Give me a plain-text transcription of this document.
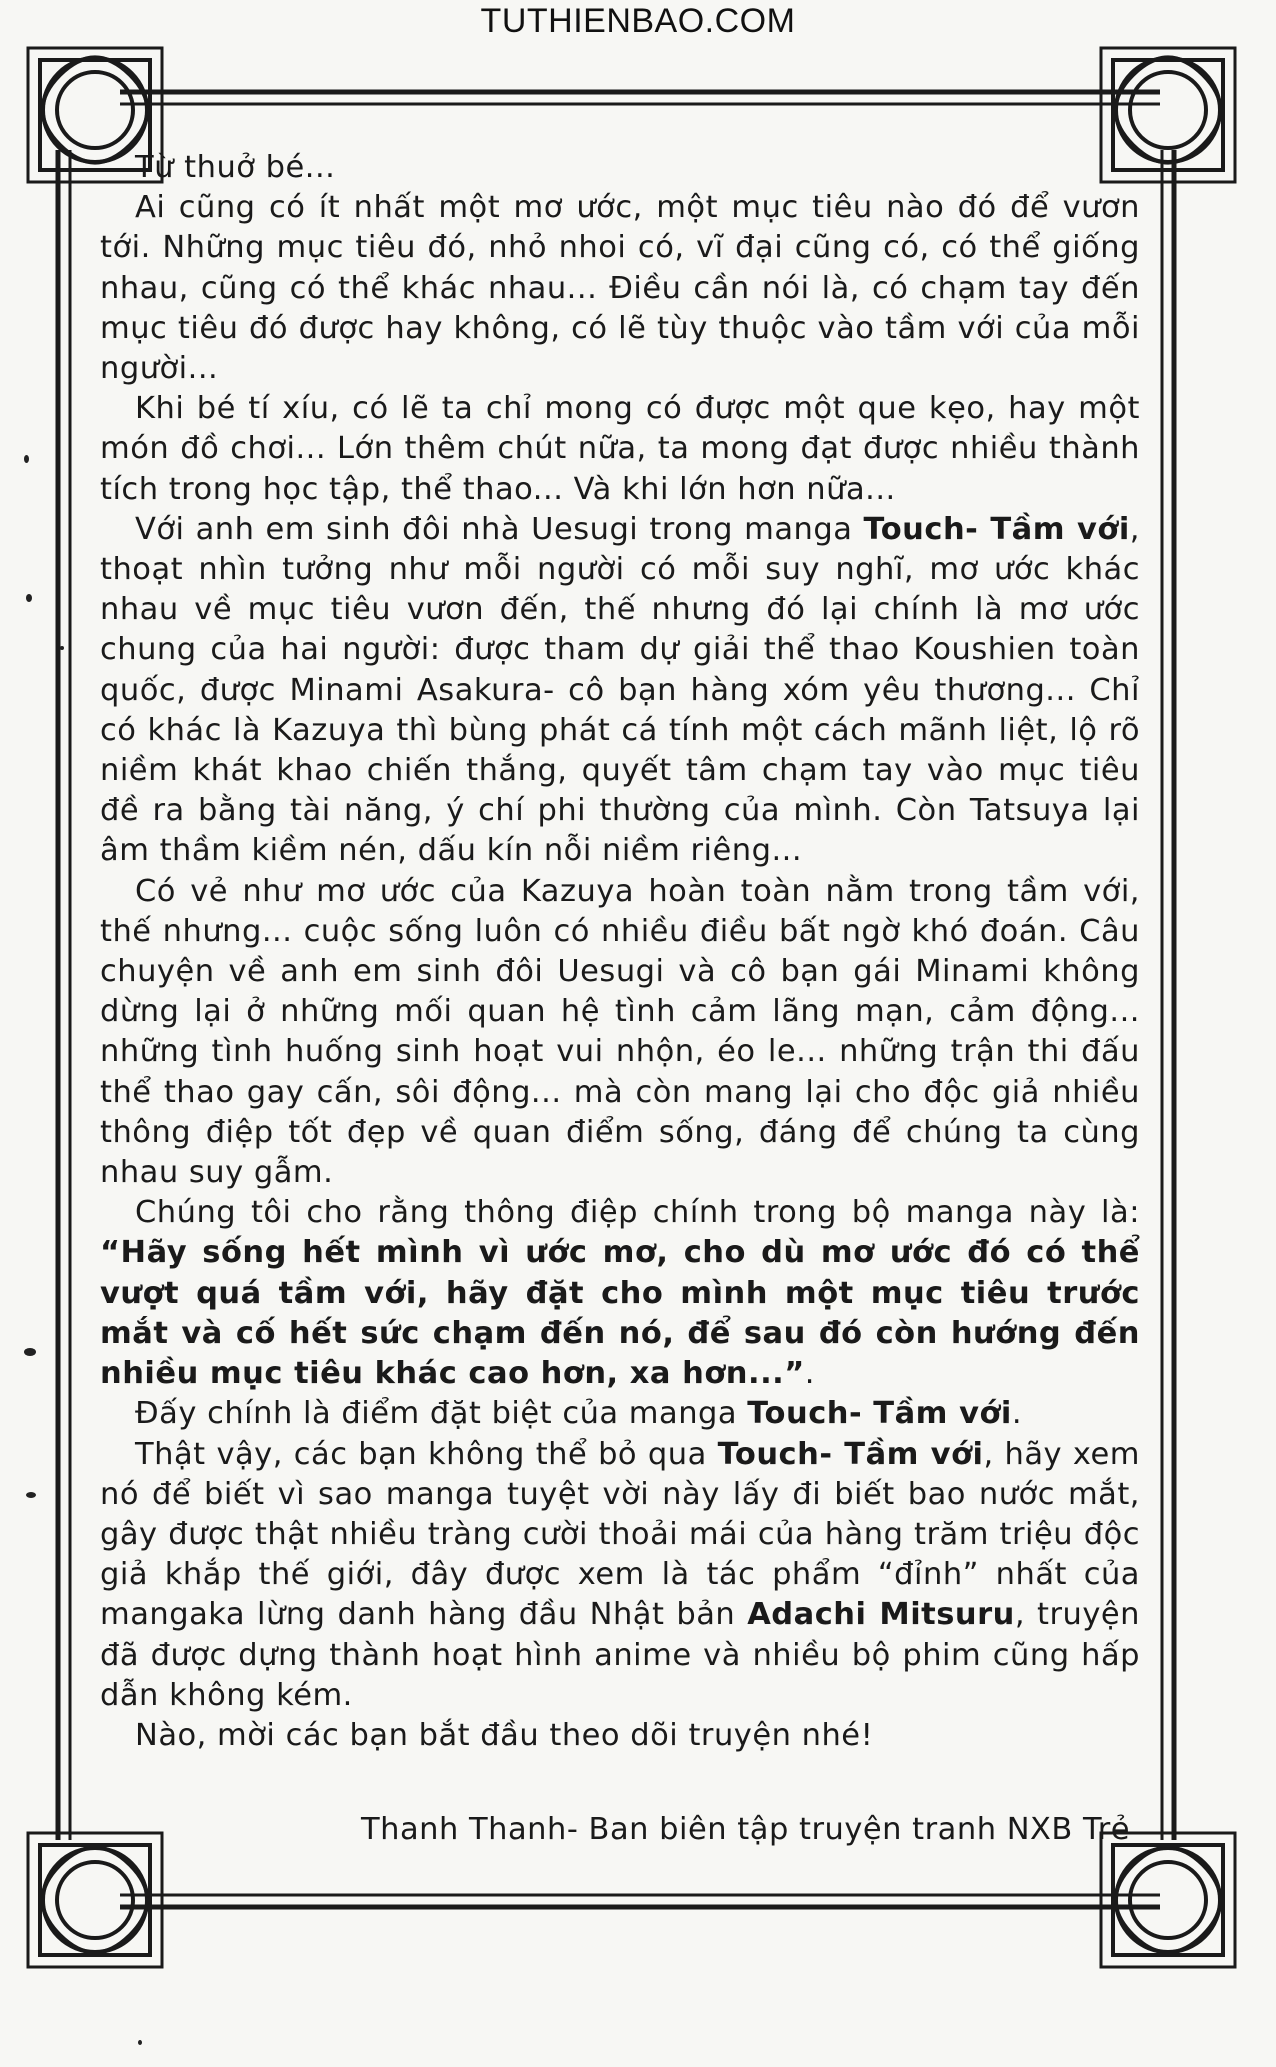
TUTHIENBAO.COM

Từ thuở bé...

Ai cũng có ít nhất một mơ ước, một mục tiêu nào đó để vươn tới. Những mục tiêu đó, nhỏ nhoi có, vĩ đại cũng có, có thể giống nhau, cũng có thể khác nhau... Điều cần nói là, có chạm tay đến mục tiêu đó được hay không, có lẽ tùy thuộc vào tầm với của mỗi người...

Khi bé tí xíu, có lẽ ta chỉ mong có được một que kẹo, hay một món đồ chơi... Lớn thêm chút nữa, ta mong đạt được nhiều thành tích trong học tập, thể thao... Và khi lớn hơn nữa...

Với anh em sinh đôi nhà Uesugi trong manga Touch- Tầm với, thoạt nhìn tưởng như mỗi người có mỗi suy nghĩ, mơ ước khác nhau về mục tiêu vươn đến, thế nhưng đó lại chính là mơ ước chung của hai người: được tham dự giải thể thao Koushien toàn quốc, được Minami Asakura- cô bạn hàng xóm yêu thương... Chỉ có khác là Kazuya thì bùng phát cá tính một cách mãnh liệt, lộ rõ niềm khát khao chiến thắng, quyết tâm chạm tay vào mục tiêu đề ra bằng tài năng, ý chí phi thường của mình. Còn Tatsuya lại âm thầm kiềm nén, dấu kín nỗi niềm riêng...

Có vẻ như mơ ước của Kazuya hoàn toàn nằm trong tầm với, thế nhưng... cuộc sống luôn có nhiều điều bất ngờ khó đoán. Câu chuyện về anh em sinh đôi Uesugi và cô bạn gái Minami không dừng lại ở những mối quan hệ tình cảm lãng mạn, cảm động... những tình huống sinh hoạt vui nhộn, éo le... những trận thi đấu thể thao gay cấn, sôi động... mà còn mang lại cho độc giả nhiều thông điệp tốt đẹp về quan điểm sống, đáng để chúng ta cùng nhau suy gẫm.

Chúng tôi cho rằng thông điệp chính trong bộ manga này là: “Hãy sống hết mình vì ước mơ, cho dù mơ ước đó có thể vượt quá tầm với, hãy đặt cho mình một mục tiêu trước mắt và cố hết sức chạm đến nó, để sau đó còn hướng đến nhiều mục tiêu khác cao hơn, xa hơn...”.

Đấy chính là điểm đặt biệt của manga Touch- Tầm với.

Thật vậy, các bạn không thể bỏ qua Touch- Tầm với, hãy xem nó để biết vì sao manga tuyệt vời này lấy đi biết bao nước mắt, gây được thật nhiều tràng cười thoải mái của hàng trăm triệu độc giả khắp thế giới, đây được xem là tác phẩm “đỉnh” nhất của mangaka lừng danh hàng đầu Nhật bản Adachi Mitsuru, truyện đã được dựng thành hoạt hình anime và nhiều bộ phim cũng hấp dẫn không kém.

Nào, mời các bạn bắt đầu theo dõi truyện nhé!

Thanh Thanh- Ban biên tập truyện tranh NXB Trẻ
